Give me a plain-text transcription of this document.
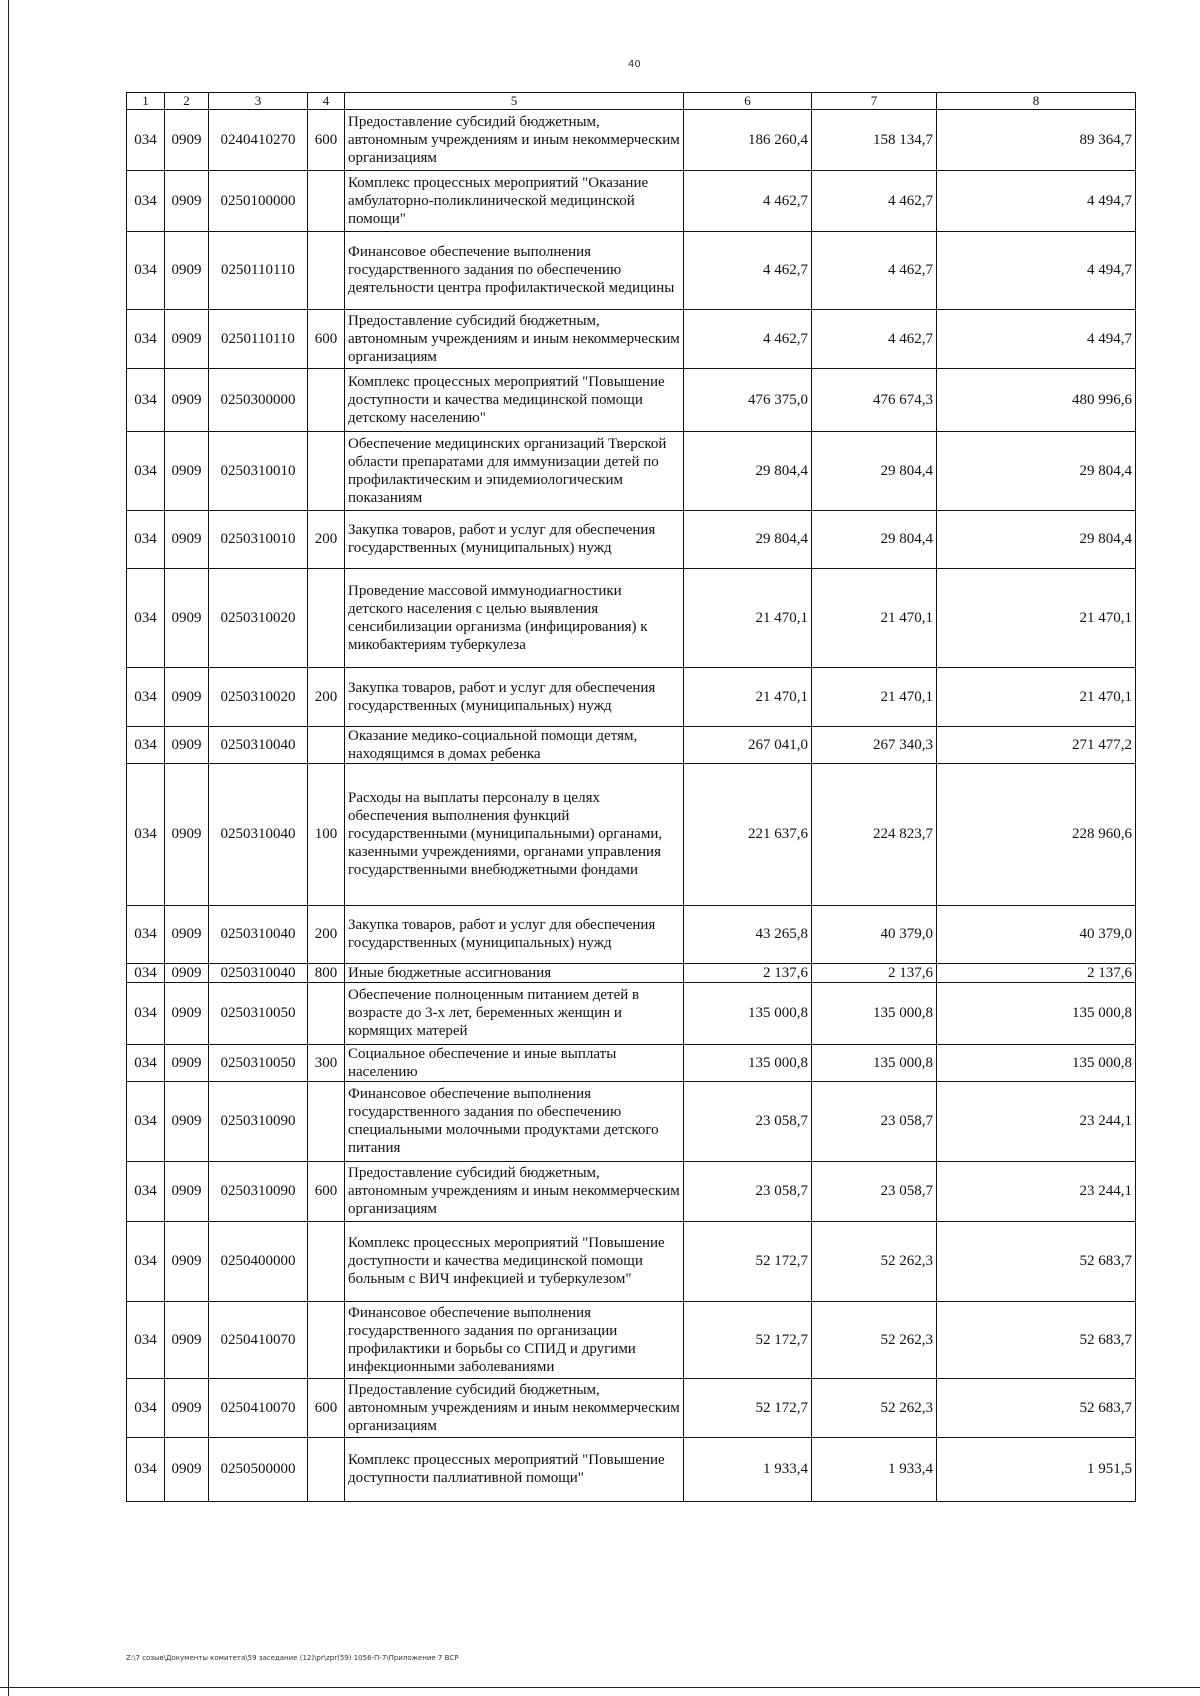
40
1	2	3	4	5	6	7	8
034	0909	0240410270	600	Предоставление субсидий бюджетным, автономным учреждениям и иным некоммерческим организациям	186 260,4	158 134,7	89 364,7
034	0909	0250100000		Комплекс процессных мероприятий "Оказание амбулаторно-поликлинической медицинской помощи"	4 462,7	4 462,7	4 494,7
034	0909	0250110110		Финансовое обеспечение выполнения государственного задания по обеспечению деятельности центра профилактической медицины	4 462,7	4 462,7	4 494,7
034	0909	0250110110	600	Предоставление субсидий бюджетным, автономным учреждениям и иным некоммерческим организациям	4 462,7	4 462,7	4 494,7
034	0909	0250300000		Комплекс процессных мероприятий "Повышение доступности и качества медицинской помощи детскому населению"	476 375,0	476 674,3	480 996,6
034	0909	0250310010		Обеспечение медицинских организаций Тверской области препаратами для иммунизации детей по профилактическим и эпидемиологическим показаниям	29 804,4	29 804,4	29 804,4
034	0909	0250310010	200	Закупка товаров, работ и услуг для обеспечения государственных (муниципальных) нужд	29 804,4	29 804,4	29 804,4
034	0909	0250310020		Проведение массовой иммунодиагностики детского населения с целью выявления сенсибилизации организма (инфицирования) к микобактериям туберкулеза	21 470,1	21 470,1	21 470,1
034	0909	0250310020	200	Закупка товаров, работ и услуг для обеспечения государственных (муниципальных) нужд	21 470,1	21 470,1	21 470,1
034	0909	0250310040		Оказание медико-социальной помощи детям, находящимся в домах ребенка	267 041,0	267 340,3	271 477,2
034	0909	0250310040	100	Расходы на выплаты персоналу в целях обеспечения выполнения функций государственными (муниципальными) органами, казенными учреждениями, органами управления государственными внебюджетными фондами	221 637,6	224 823,7	228 960,6
034	0909	0250310040	200	Закупка товаров, работ и услуг для обеспечения государственных (муниципальных) нужд	43 265,8	40 379,0	40 379,0
034	0909	0250310040	800	Иные бюджетные ассигнования	2 137,6	2 137,6	2 137,6
034	0909	0250310050		Обеспечение полноценным питанием детей в возрасте до 3-х лет, беременных женщин и кормящих матерей	135 000,8	135 000,8	135 000,8
034	0909	0250310050	300	Социальное обеспечение и иные выплаты населению	135 000,8	135 000,8	135 000,8
034	0909	0250310090		Финансовое обеспечение выполнения государственного задания по обеспечению специальными молочными продуктами детского питания	23 058,7	23 058,7	23 244,1
034	0909	0250310090	600	Предоставление субсидий бюджетным, автономным учреждениям и иным некоммерческим организациям	23 058,7	23 058,7	23 244,1
034	0909	0250400000		Комплекс процессных мероприятий "Повышение доступности и качества медицинской помощи больным с ВИЧ инфекцией и туберкулезом"	52 172,7	52 262,3	52 683,7
034	0909	0250410070		Финансовое обеспечение выполнения государственного задания по организации профилактики и борьбы со СПИД и другими инфекционными заболеваниями	52 172,7	52 262,3	52 683,7
034	0909	0250410070	600	Предоставление субсидий бюджетным, автономным учреждениям и иным некоммерческим организациям	52 172,7	52 262,3	52 683,7
034	0909	0250500000		Комплекс процессных мероприятий "Повышение доступности паллиативной помощи"	1 933,4	1 933,4	1 951,5
Z:\7 созыв\Документы комитета\59 заседание (12)\pr\zpr(59) 1056-П-7\Приложение 7 ВСР
